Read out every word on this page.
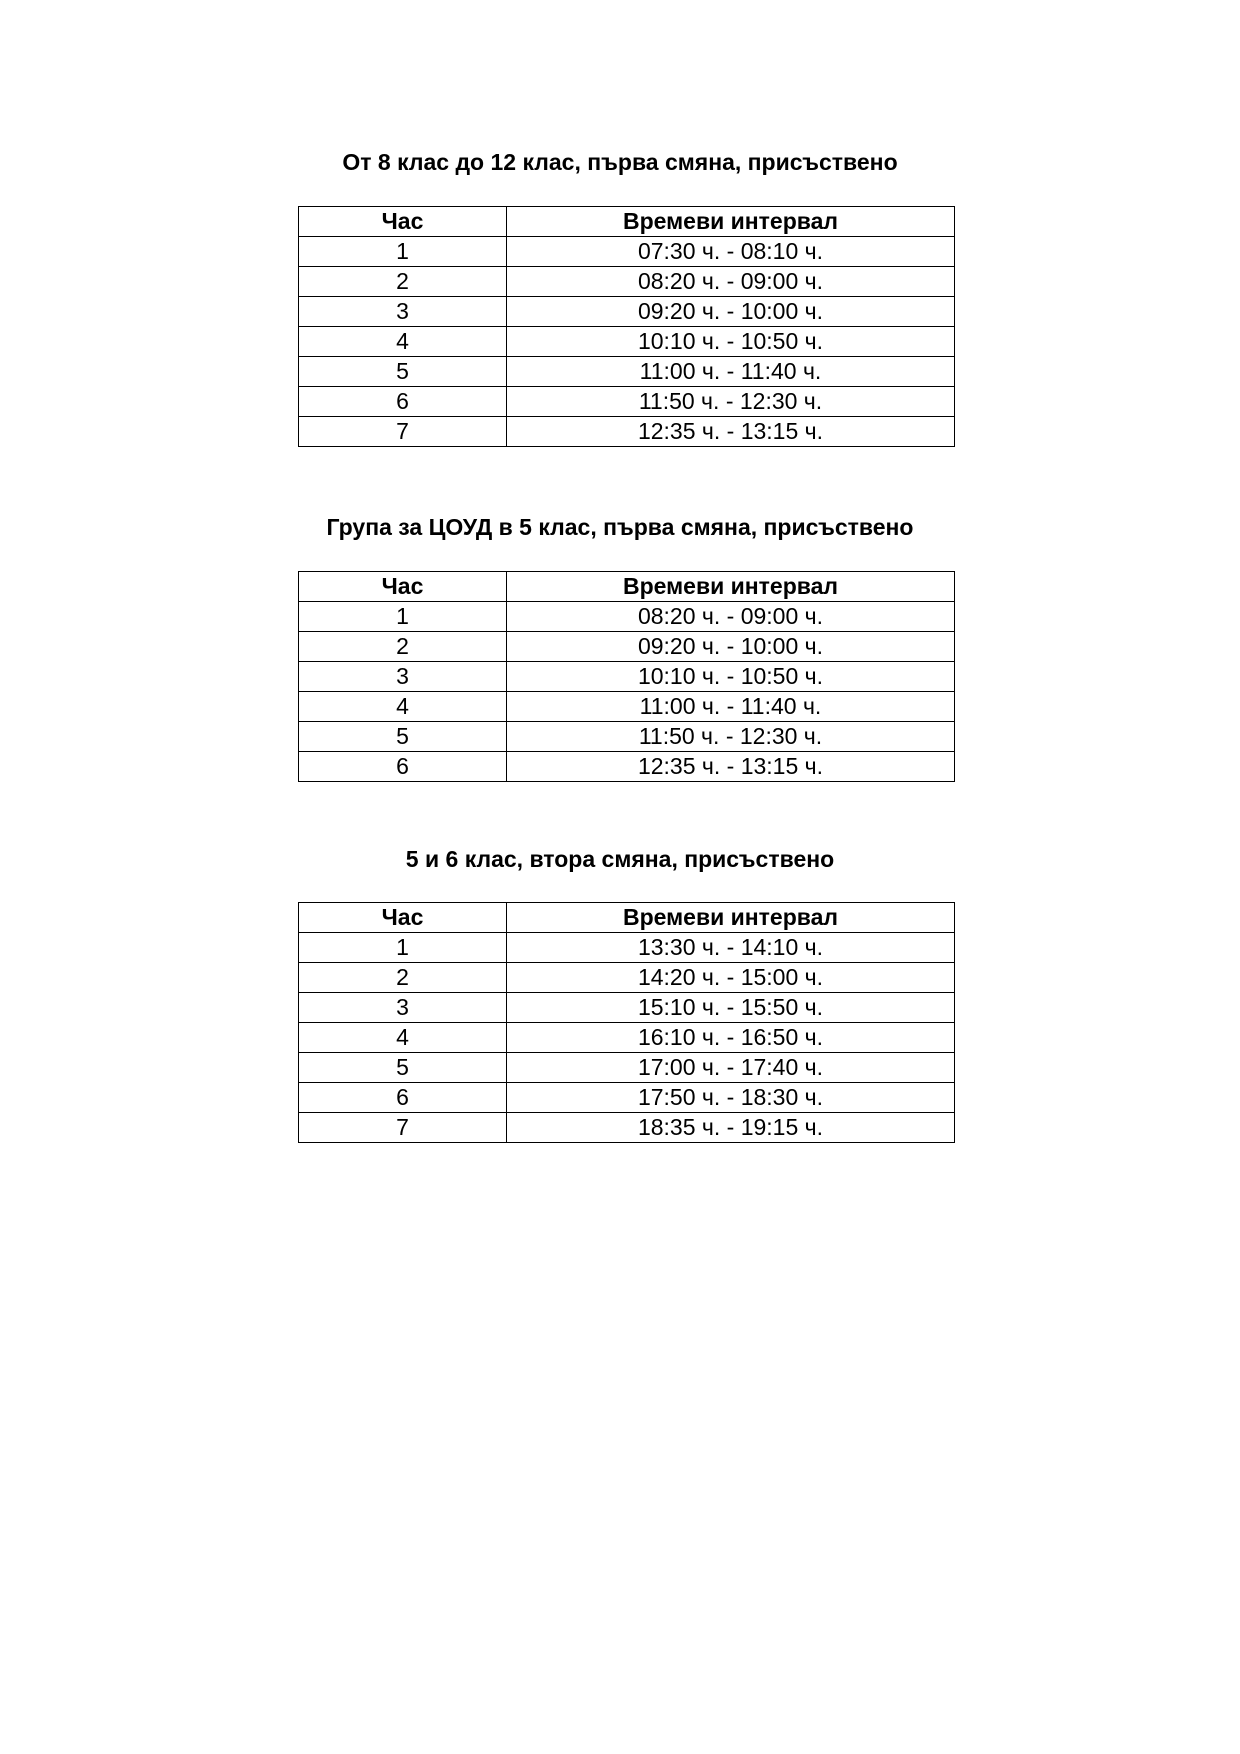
От 8 клас до 12 клас, първа смяна, присъствено
Час	Времеви интервал
1	07:30 ч. - 08:10 ч.
2	08:20 ч. - 09:00 ч.
3	09:20 ч. - 10:00 ч.
4	10:10 ч. - 10:50 ч.
5	11:00 ч. - 11:40 ч.
6	11:50 ч. - 12:30 ч.
7	12:35 ч. - 13:15 ч.
Група за ЦОУД в 5 клас, първа смяна, присъствено
Час	Времеви интервал
1	08:20 ч. - 09:00 ч.
2	09:20 ч. - 10:00 ч.
3	10:10 ч. - 10:50 ч.
4	11:00 ч. - 11:40 ч.
5	11:50 ч. - 12:30 ч.
6	12:35 ч. - 13:15 ч.
5 и 6 клас, втора смяна, присъствено
Час	Времеви интервал
1	13:30 ч. - 14:10 ч.
2	14:20 ч. - 15:00 ч.
3	15:10 ч. - 15:50 ч.
4	16:10 ч. - 16:50 ч.
5	17:00 ч. - 17:40 ч.
6	17:50 ч. - 18:30 ч.
7	18:35 ч. - 19:15 ч.
